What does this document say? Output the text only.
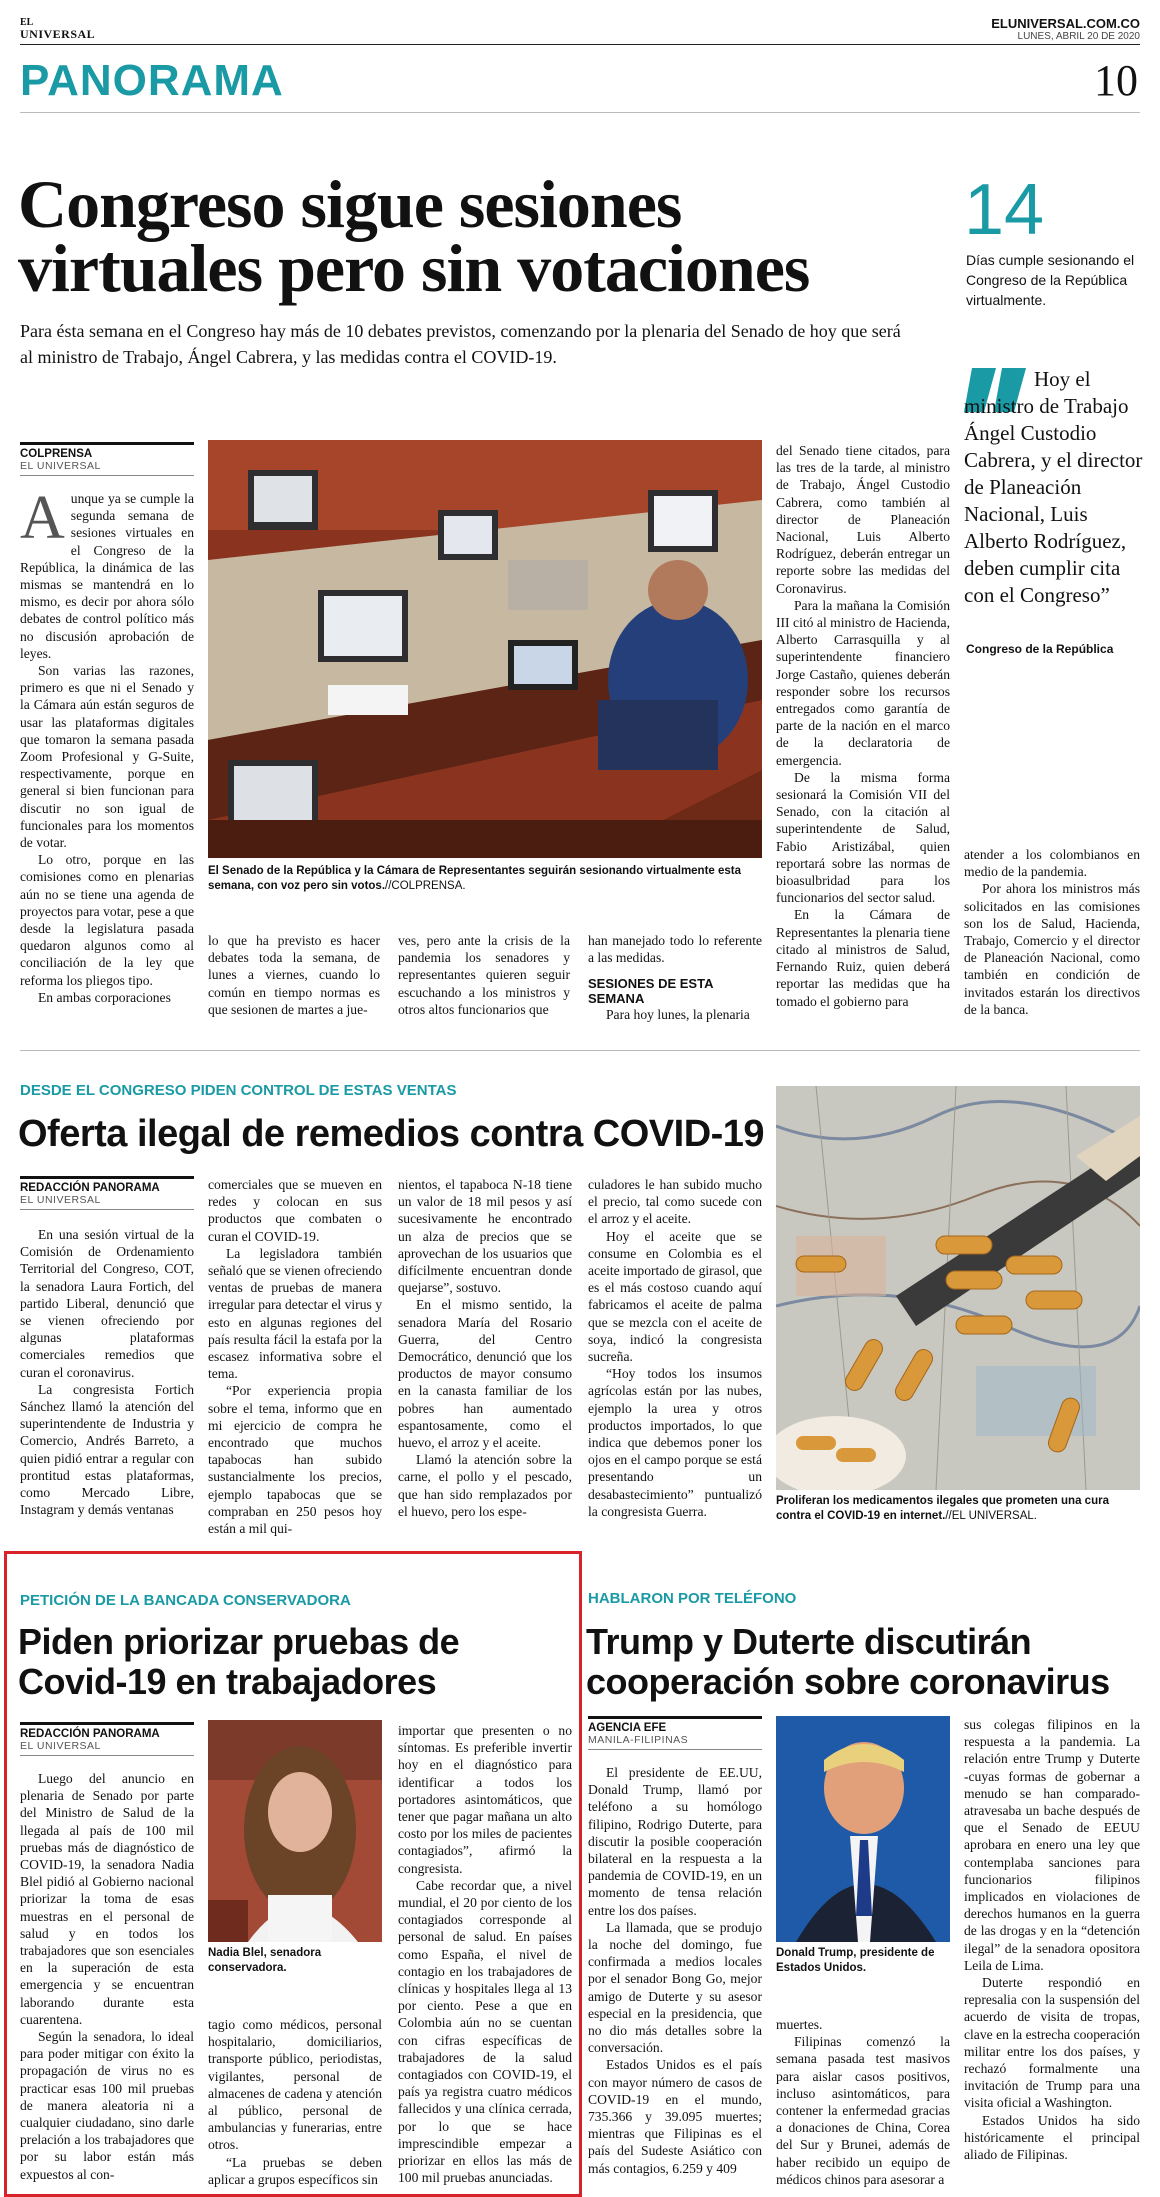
EL
UNIVERSAL
ELUNIVERSAL.COM.CO
LUNES, ABRIL 20 DE 2020
PANORAMA	10
Congreso sigue sesiones
virtuales pero sin votaciones
Para ésta semana en el Congreso hay más de 10 debates previstos, comenzando por la plenaria del Senado de hoy que será al ministro de Trabajo, Ángel Cabrera, y las medidas contra el COVID-19.
14
Días cumple sesionando el Congreso de la República virtualmente.
Hoy el ministro de Trabajo Ángel Custodio Cabrera, y el director de Planeación Nacional, Luis Alberto Rodríguez, deben cumplir cita con el Congreso”
Congreso de la República
COLPRENSA
EL UNIVERSAL
A unque ya se cumple la segunda semana de sesiones virtuales en el Congreso de la República, la dinámica de las mismas se mantendrá en lo mismo, es decir por ahora sólo debates de control político más no discusión aprobación de leyes.

Son varias las razones, primero es que ni el Senado y la Cámara aún están seguros de usar las plataformas digitales que tomaron la semana pasada Zoom Profesional y G-Suite, respectivamente, porque en general si bien funcionan para discutir no son igual de funcionales para los momentos de votar.

Lo otro, porque en las comisiones como en plenarias aún no se tiene una agenda de proyectos para votar, pese a que desde la legislatura pasada quedaron algunos como al conciliación de la ley que reforma los pliegos tipo.

En ambas corporaciones

El Senado de la República y la Cámara de Representantes seguirán sesionando virtualmente esta semana, con voz pero sin votos.//COLPRENSA.

lo que ha previsto es hacer debates toda la semana, de lunes a viernes, cuando lo común en tiempo normas es que sesionen de martes a jue-

ves, pero ante la crisis de la pandemia los senadores y representantes quieren seguir escuchando a los ministros y otros altos funcionarios que

han manejado todo lo referente a las medidas.

SESIONES DE ESTA SEMANA

Para hoy lunes, la plenaria

del Senado tiene citados, para las tres de la tarde, al ministro de Trabajo, Ángel Custodio Cabrera, como también al director de Planeación Nacional, Luis Alberto Rodríguez, deberán entregar un reporte sobre las medidas del Coronavirus.

Para la mañana la Comisión III citó al ministro de Hacienda, Alberto Carrasquilla y al superintendente financiero Jorge Castaño, quienes deberán responder sobre los recursos entregados como garantía de parte de la nación en el marco de la declaratoria de emergencia.

De la misma forma sesionará la Comisión VII del Senado, con la citación al superintendente de Salud, Fabio Aristizábal, quien reportará sobre las normas de bioasulbridad para los funcionarios del sector salud.

En la Cámara de Representantes la plenaria tiene citado al ministros de Salud, Fernando Ruiz, quien deberá reportar las medidas que ha tomado el gobierno para

atender a los colombianos en medio de la pandemia.

Por ahora los ministros más solicitados en las comisiones son los de Salud, Hacienda, Trabajo, Comercio y el director de Planeación Nacional, como también en condición de invitados estarán los directivos de la banca.

DESDE EL CONGRESO PIDEN CONTROL DE ESTAS VENTAS
Oferta ilegal de remedios contra COVID-19
REDACCIÓN PANORAMA
EL UNIVERSAL

En una sesión virtual de la Comisión de Ordenamiento Territorial del Congreso, COT, la senadora Laura Fortich, del partido Liberal, denunció que se vienen ofreciendo por algunas plataformas comerciales remedios que curan el coronavirus.

La congresista Fortich Sánchez llamó la atención del superintendente de Industria y Comercio, Andrés Barreto, a quien pidió entrar a regular con prontitud estas plataformas, como Mercado Libre, Instagram y demás ventanas

comerciales que se mueven en redes y colocan en sus productos que combaten o curan el COVID-19.

La legisladora también señaló que se vienen ofreciendo ventas de pruebas de manera irregular para detectar el virus y esto en algunas regiones del país resulta fácil la estafa por la escasez informativa sobre el tema.

“Por experiencia propia sobre el tema, informo que en mi ejercicio de compra he encontrado que muchos tapabocas han subido sustancialmente los precios, ejemplo tapabocas que se compraban en 250 pesos hoy están a mil qui-

nientos, el tapaboca N-18 tiene un valor de 18 mil pesos y así sucesivamente he encontrado un alza de precios que se aprovechan de los usuarios que difícilmente encuentran donde quejarse”, sostuvo.

En el mismo sentido, la senadora María del Rosario Guerra, del Centro Democrático, denunció que los productos de mayor consumo en la canasta familiar de los pobres han aumentado espantosamente, como el huevo, el arroz y el aceite.

Llamó la atención sobre la carne, el pollo y el pescado, que han sido remplazados por el huevo, pero los espe-

culadores le han subido mucho el precio, tal como sucede con el arroz y el aceite.

Hoy el aceite que se consume en Colombia es el aceite importado de girasol, que es el más costoso cuando aquí fabricamos el aceite de palma que se mezcla con el aceite de soya, indicó la congresista sucreña.

“Hoy todos los insumos agrícolas están por las nubes, ejemplo la urea y otros productos importados, lo que indica que debemos poner los ojos en el campo porque se está presentando un desabastecimiento” puntualizó la congresista Guerra.

Proliferan los medicamentos ilegales que prometen una cura contra el COVID-19 en internet.//EL UNIVERSAL.
PETICIÓN DE LA BANCADA CONSERVADORA
Piden priorizar pruebas de
Covid-19 en trabajadores
REDACCIÓN PANORAMA
EL UNIVERSAL

Luego del anuncio en plenaria de Senado por parte del Ministro de Salud de la llegada al país de 100 mil pruebas más de diagnóstico de COVID-19, la senadora Nadia Blel pidió al Gobierno nacional priorizar la toma de esas muestras en el personal de salud y en todos los trabajadores que son esenciales en la superación de esta emergencia y se encuentran laborando durante esta cuarentena.

Según la senadora, lo ideal para poder mitigar con éxito la propagación de virus no es practicar esas 100 mil pruebas de manera aleatoria ni a cualquier ciudadano, sino darle prelación a los trabajadores que por su labor están más expuestos al con-

Nadia Blel, senadora conservadora.

tagio como médicos, personal hospitalario, domiciliarios, transporte público, periodistas, vigilantes, personal de almacenes de cadena y atención al público, personal de ambulancias y funerarias, entre otros.

“La pruebas se deben aplicar a grupos específicos sin

importar que presenten o no síntomas. Es preferible invertir hoy en el diagnóstico para identificar a todos los portadores asintomáticos, que tener que pagar mañana un alto costo por los miles de pacientes contagiados”, afirmó la congresista.

Cabe recordar que, a nivel mundial, el 20 por ciento de los contagiados corresponde al personal de salud. En países como España, el nivel de contagio en los trabajadores de clínicas y hospitales llega al 13 por ciento. Pese a que en Colombia aún no se cuentan con cifras específicas de trabajadores de la salud contagiados con COVID-19, el país ya registra cuatro médicos fallecidos y una clínica cerrada, por lo que se hace imprescindible empezar a priorizar en ellos las más de 100 mil pruebas anunciadas.

HABLARON POR TELÉFONO
Trump y Duterte discutirán
cooperación sobre coronavirus
AGENCIA EFE
MANILA-FILIPINAS

El presidente de EE.UU, Donald Trump, llamó por teléfono a su homólogo filipino, Rodrigo Duterte, para discutir la posible cooperación bilateral en la respuesta a la pandemia de COVID-19, en un momento de tensa relación entre los dos países.

La llamada, que se produjo la noche del domingo, fue confirmada a medios locales por el senador Bong Go, mejor amigo de Duterte y su asesor especial en la presidencia, que no dio más detalles sobre la conversación.

Estados Unidos es el país con mayor número de casos de COVID-19 en el mundo, 735.366 y 39.095 muertes; mientras que Filipinas es el país del Sudeste Asiático con más contagios, 6.259 y 409

Donald Trump, presidente de Estados Unidos.

muertes.

Filipinas comenzó la semana pasada test masivos para aislar casos positivos, incluso asintomáticos, para contener la enfermedad gracias a donaciones de China, Corea del Sur y Brunei, además de haber recibido un equipo de médicos chinos para asesorar a

sus colegas filipinos en la respuesta a la pandemia. La relación entre Trump y Duterte -cuyas formas de gobernar a menudo se han comparado- atravesaba un bache después de que el Senado de EEUU aprobara en enero una ley que contemplaba sanciones para funcionarios filipinos implicados en violaciones de derechos humanos en la guerra de las drogas y en la “detención ilegal” de la senadora opositora Leila de Lima.

Duterte respondió en represalia con la suspensión del acuerdo de visita de tropas, clave en la estrecha cooperación militar entre los dos países, y rechazó formalmente una invitación de Trump para una visita oficial a Washington.

Estados Unidos ha sido históricamente el principal aliado de Filipinas.
